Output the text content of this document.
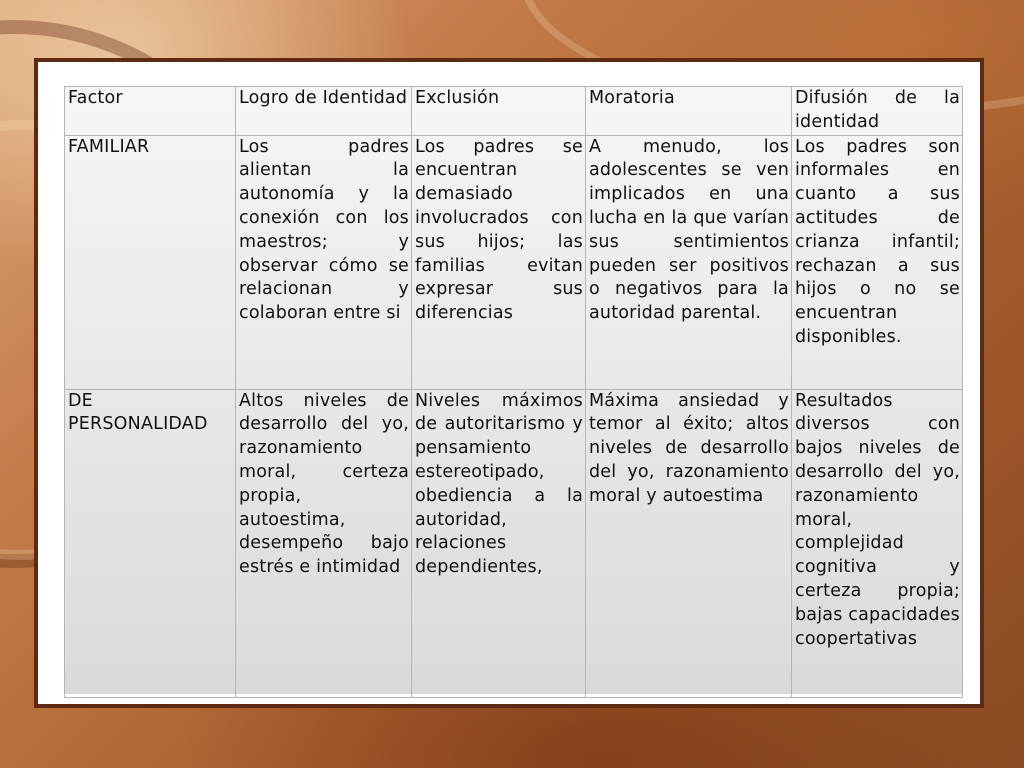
Factor	Logro de Identidad	Exclusión	Moratoria	Difusión de la identidad
FAMILIAR	Los padres alientan la autonomía y la conexión con los maestros; y observar cómo se relacionan y colaboran entre si	Los padres se encuentran demasiado involucrados con sus hijos; las familias evitan expresar sus diferencias	A menudo, los adolescentes se ven implicados en una lucha en la que varían sus sentimientos pueden ser positivos o negativos para la autoridad parental.	Los padres son informales en cuanto a sus actitudes de crianza infantil; rechazan a sus hijos o no se encuentran disponibles.
DE PERSONALIDAD	Altos niveles de desarrollo del yo, razonamiento moral, certeza propia, autoestima, desempeño bajo estrés e intimidad	Niveles máximos de autoritarismo y pensamiento estereotipado, obediencia a la autoridad, relaciones dependientes,	Máxima ansiedad y temor al éxito; altos niveles de desarrollo del yo, razonamiento moral y autoestima	Resultados diversos con bajos niveles de desarrollo del yo, razonamiento moral, complejidad cognitiva y certeza propia; bajas capacidades coopertativas
